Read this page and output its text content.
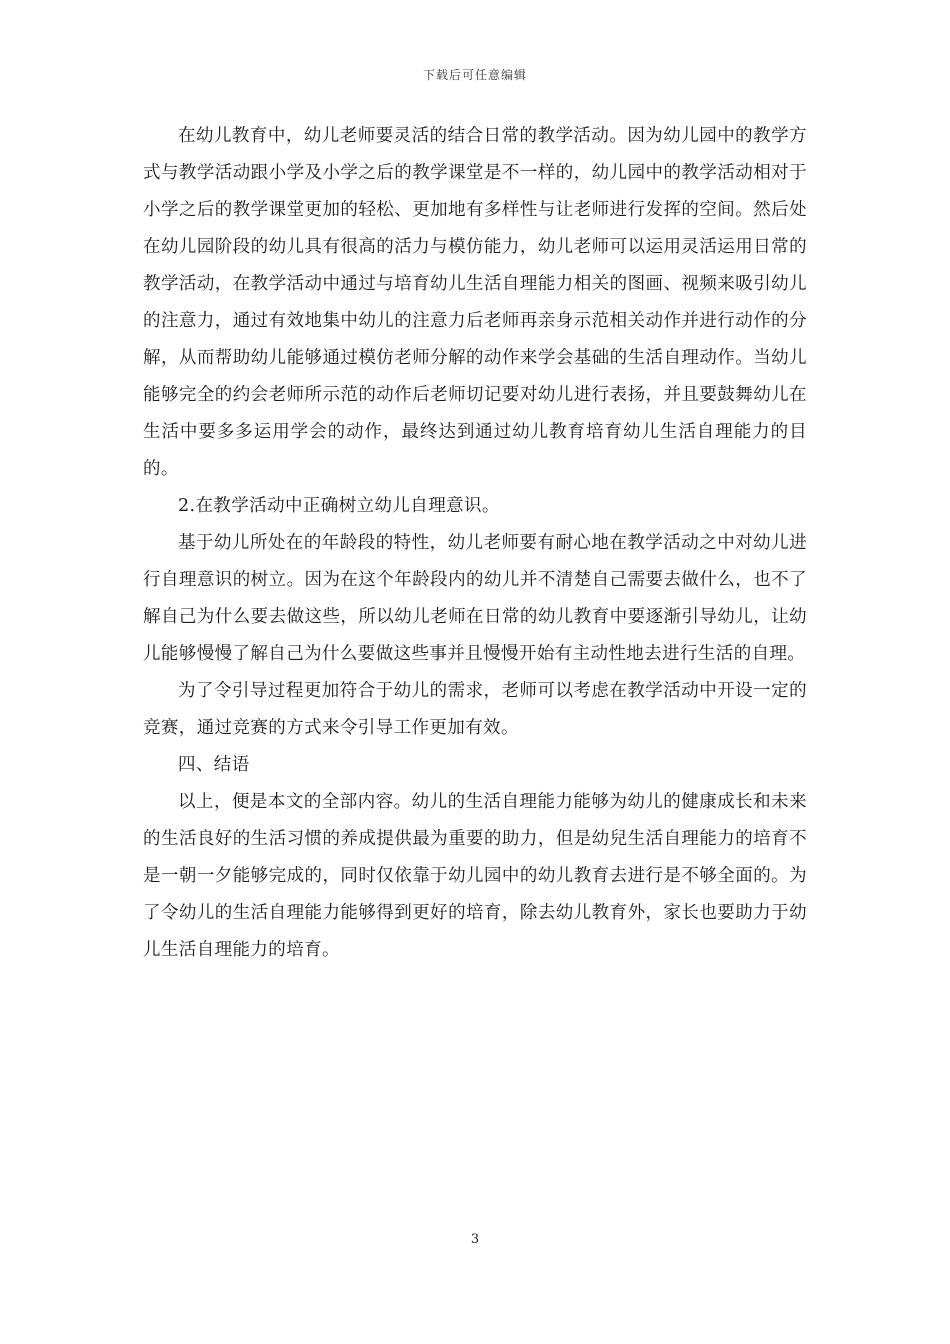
下载后可任意编辑

在幼儿教育中，幼儿老师要灵活的结合日常的教学活动。因为幼儿园中的教学方式与教学活动跟小学及小学之后的教学课堂是不一样的，幼儿园中的教学活动相对于小学之后的教学课堂更加的轻松、更加地有多样性与让老师进行发挥的空间。然后处在幼儿园阶段的幼儿具有很高的活力与模仿能力，幼儿老师可以运用灵活运用日常的教学活动，在教学活动中通过与培育幼儿生活自理能力相关的图画、视频来吸引幼儿的注意力，通过有效地集中幼儿的注意力后老师再亲身示范相关动作并进行动作的分解，从而帮助幼儿能够通过模仿老师分解的动作来学会基础的生活自理动作。当幼儿能够完全的约会老师所示范的动作后老师切记要对幼儿进行表扬，并且要鼓舞幼儿在生活中要多多运用学会的动作，最终达到通过幼儿教育培育幼儿生活自理能力的目的。

2.在教学活动中正确树立幼儿自理意识。

基于幼儿所处在的年龄段的特性，幼儿老师要有耐心地在教学活动之中对幼儿进行自理意识的树立。因为在这个年龄段内的幼儿并不清楚自己需要去做什么，也不了解自己为什么要去做这些，所以幼儿老师在日常的幼儿教育中要逐渐引导幼儿，让幼儿能够慢慢了解自己为什么要做这些事并且慢慢开始有主动性地去进行生活的自理。

为了令引导过程更加符合于幼儿的需求，老师可以考虑在教学活动中开设一定的竞赛，通过竞赛的方式来令引导工作更加有效。

四、结语

以上，便是本文的全部内容。幼儿的生活自理能力能够为幼儿的健康成长和未来的生活良好的生活习惯的养成提供最为重要的助力，但是幼兒生活自理能力的培育不是一朝一夕能够完成的，同时仅依靠于幼儿园中的幼儿教育去进行是不够全面的。为了令幼儿的生活自理能力能够得到更好的培育，除去幼儿教育外，家长也要助力于幼儿生活自理能力的培育。

3
